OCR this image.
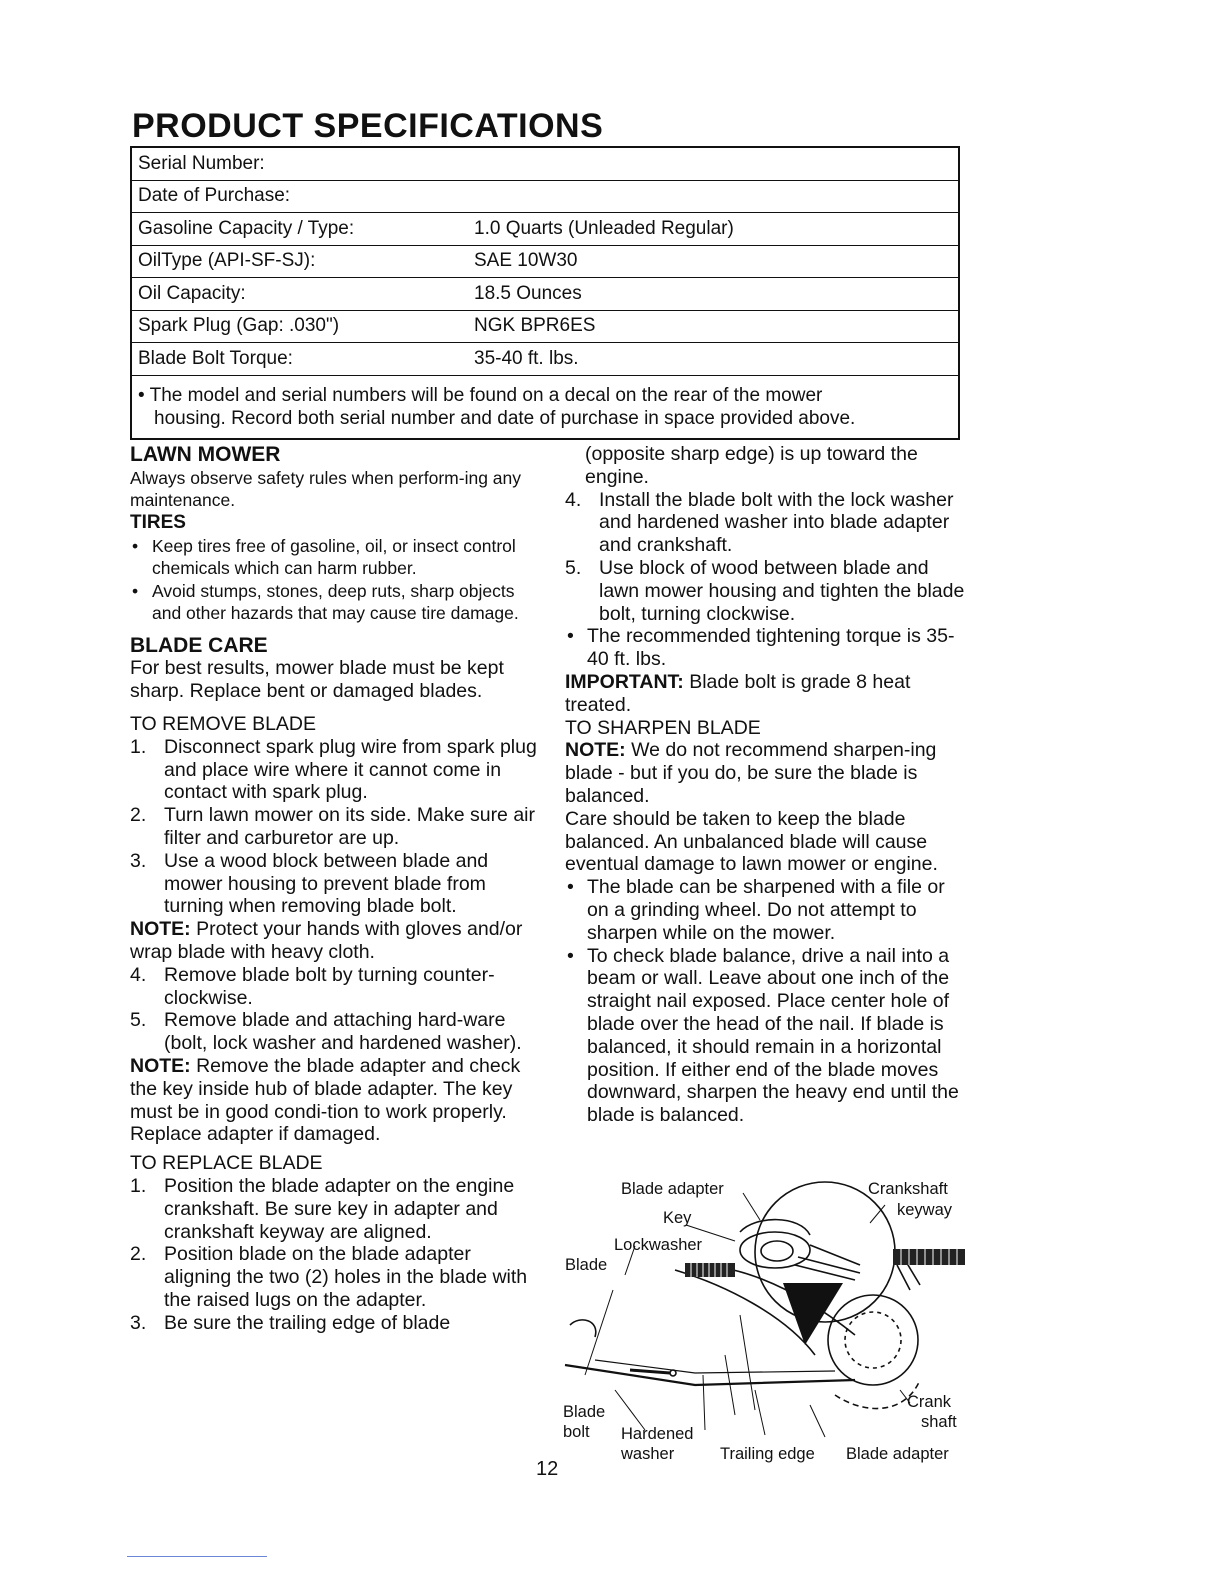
PRODUCT SPECIFICATIONS
Serial Number:	
Date of Purchase:	
Gasoline Capacity / Type:	1.0 Quarts (Unleaded Regular)
OilType (API-SF-SJ):	SAE 10W30
Oil Capacity:	18.5 Ounces
Spark Plug (Gap: .030")	NGK BPR6ES
Blade Bolt Torque:	35-40 ft. lbs.
• The model and serial numbers will be found on a decal on the rear of the mower
housing. Record both serial number and date of purchase in space provided above.	

LAWN MOWER

Always observe safety rules when perform-ing any maintenance.

TIRES

• Keep tires free of gasoline, oil, or insect control chemicals which can harm rubber.
• Avoid stumps, stones, deep ruts, sharp objects and other hazards that may cause tire damage.

BLADE CARE

For best results, mower blade must be kept sharp. Replace bent or damaged blades.

TO REMOVE BLADE

1. Disconnect spark plug wire from spark plug and place wire where it cannot come in contact with spark plug.
2. Turn lawn mower on its side. Make sure air filter and carburetor are up.
3. Use a wood block between blade and mower housing to prevent blade from turning when removing blade bolt.

NOTE: Protect your hands with gloves and/or wrap blade with heavy cloth.

4. Remove blade bolt by turning counter-clockwise.
5. Remove blade and attaching hard-ware (bolt, lock washer and hardened washer).

NOTE: Remove the blade adapter and check the key inside hub of blade adapter. The key must be in good condi-tion to work properly. Replace adapter if damaged.

TO REPLACE BLADE

1. Position the blade adapter on the engine crankshaft. Be sure key in adapter and crankshaft keyway are aligned.
2. Position blade on the blade adapter aligning the two (2) holes in the blade with the raised lugs on the adapter.
3. Be sure the trailing edge of blade

(opposite sharp edge) is up toward the engine.

4. Install the blade bolt with the lock washer and hardened washer into blade adapter and crankshaft.
5. Use block of wood between blade and lawn mower housing and tighten the blade bolt, turning clockwise.
• The recommended tightening torque is 35-40 ft. lbs.

IMPORTANT: Blade bolt is grade 8 heat treated.

TO SHARPEN BLADE

NOTE: We do not recommend sharpen-ing blade - but if you do, be sure the blade is balanced.

Care should be taken to keep the blade balanced. An unbalanced blade will cause eventual damage to lawn mower or engine.

• The blade can be sharpened with a file or on a grinding wheel. Do not attempt to sharpen while on the mower.
• To check blade balance, drive a nail into a beam or wall. Leave about one inch of the straight nail exposed. Place center hole of blade over the head of the nail. If blade is balanced, it should remain in a horizontal position. If either end of the blade moves downward, sharpen the heavy end until the blade is balanced.
Blade adapter	Crankshaft
keyway
Key
Lockwasher
Blade
Blade
bolt Hardened
washer	Trailing edge Blade adapter
Crank
shaft
12
